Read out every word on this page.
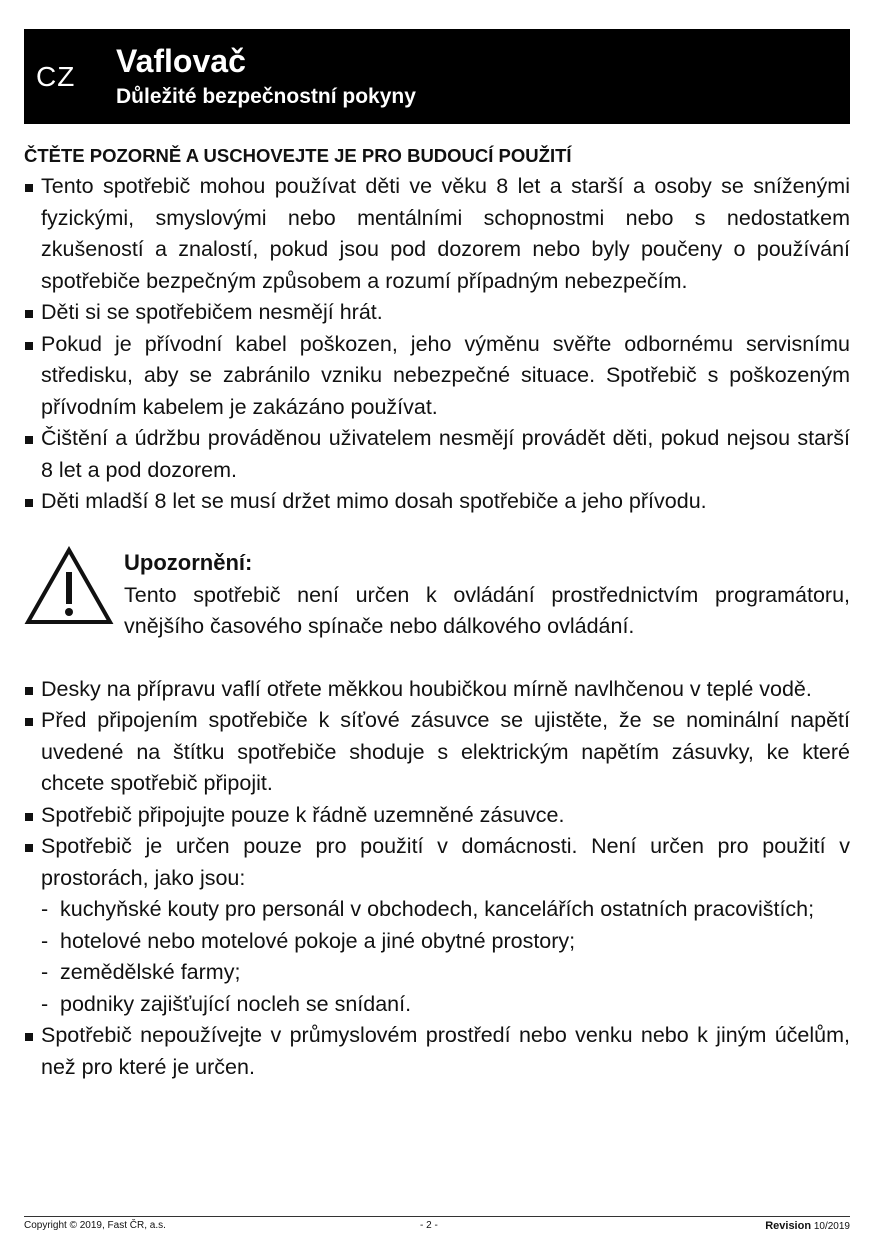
CZ Vaflovač
Důležité bezpečnostní pokyny

ČTĚTE POZORNĚ A USCHOVEJTE JE PRO BUDOUCÍ POUŽITÍ

Tento spotřebič mohou používat děti ve věku 8 let a starší a osoby se sníženými fyzickými, smyslovými nebo mentálními schopnostmi nebo s nedostatkem zkušeností a znalostí, pokud jsou pod dozorem nebo byly poučeny o používání spotřebiče bezpečným způsobem a rozumí případným nebezpečím.
Děti si se spotřebičem nesmějí hrát.
Pokud je přívodní kabel poškozen, jeho výměnu svěřte odbornému servisnímu středisku, aby se zabránilo vzniku nebezpečné situace. Spotřebič s poškozeným přívodním kabelem je zakázáno používat.
Čištění a údržbu prováděnou uživatelem nesmějí provádět děti, pokud nejsou starší 8 let a pod dozorem.
Děti mladší 8 let se musí držet mimo dosah spotřebiče a jeho přívodu.
Upozornění:
Tento spotřebič není určen k ovládání prostřednictvím programátoru, vnějšího časového spínače nebo dálkového ovládání.
Desky na přípravu vaflí otřete měkkou houbičkou mírně navlhčenou v teplé vodě.
Před připojením spotřebiče k síťové zásuvce se ujistěte, že se nominální napětí uvedené na štítku spotřebiče shoduje s elektrickým napětím zásuvky, ke které chcete spotřebič připojit.
Spotřebič připojujte pouze k řádně uzemněné zásuvce.
Spotřebič je určen pouze pro použití v domácnosti. Není určen pro použití v prostorách, jako jsou:
- kuchyňské kouty pro personál v obchodech, kancelářích ostatních pracovištích;
- hotelové nebo motelové pokoje a jiné obytné prostory;
- zemědělské farmy;
- podniky zajišťující nocleh se snídaní.
Spotřebič nepoužívejte v průmyslovém prostředí nebo venku nebo k jiným účelům, než pro které je určen.
Copyright © 2019, Fast ČR, a.s.	- 2 -	Revision 10/2019
